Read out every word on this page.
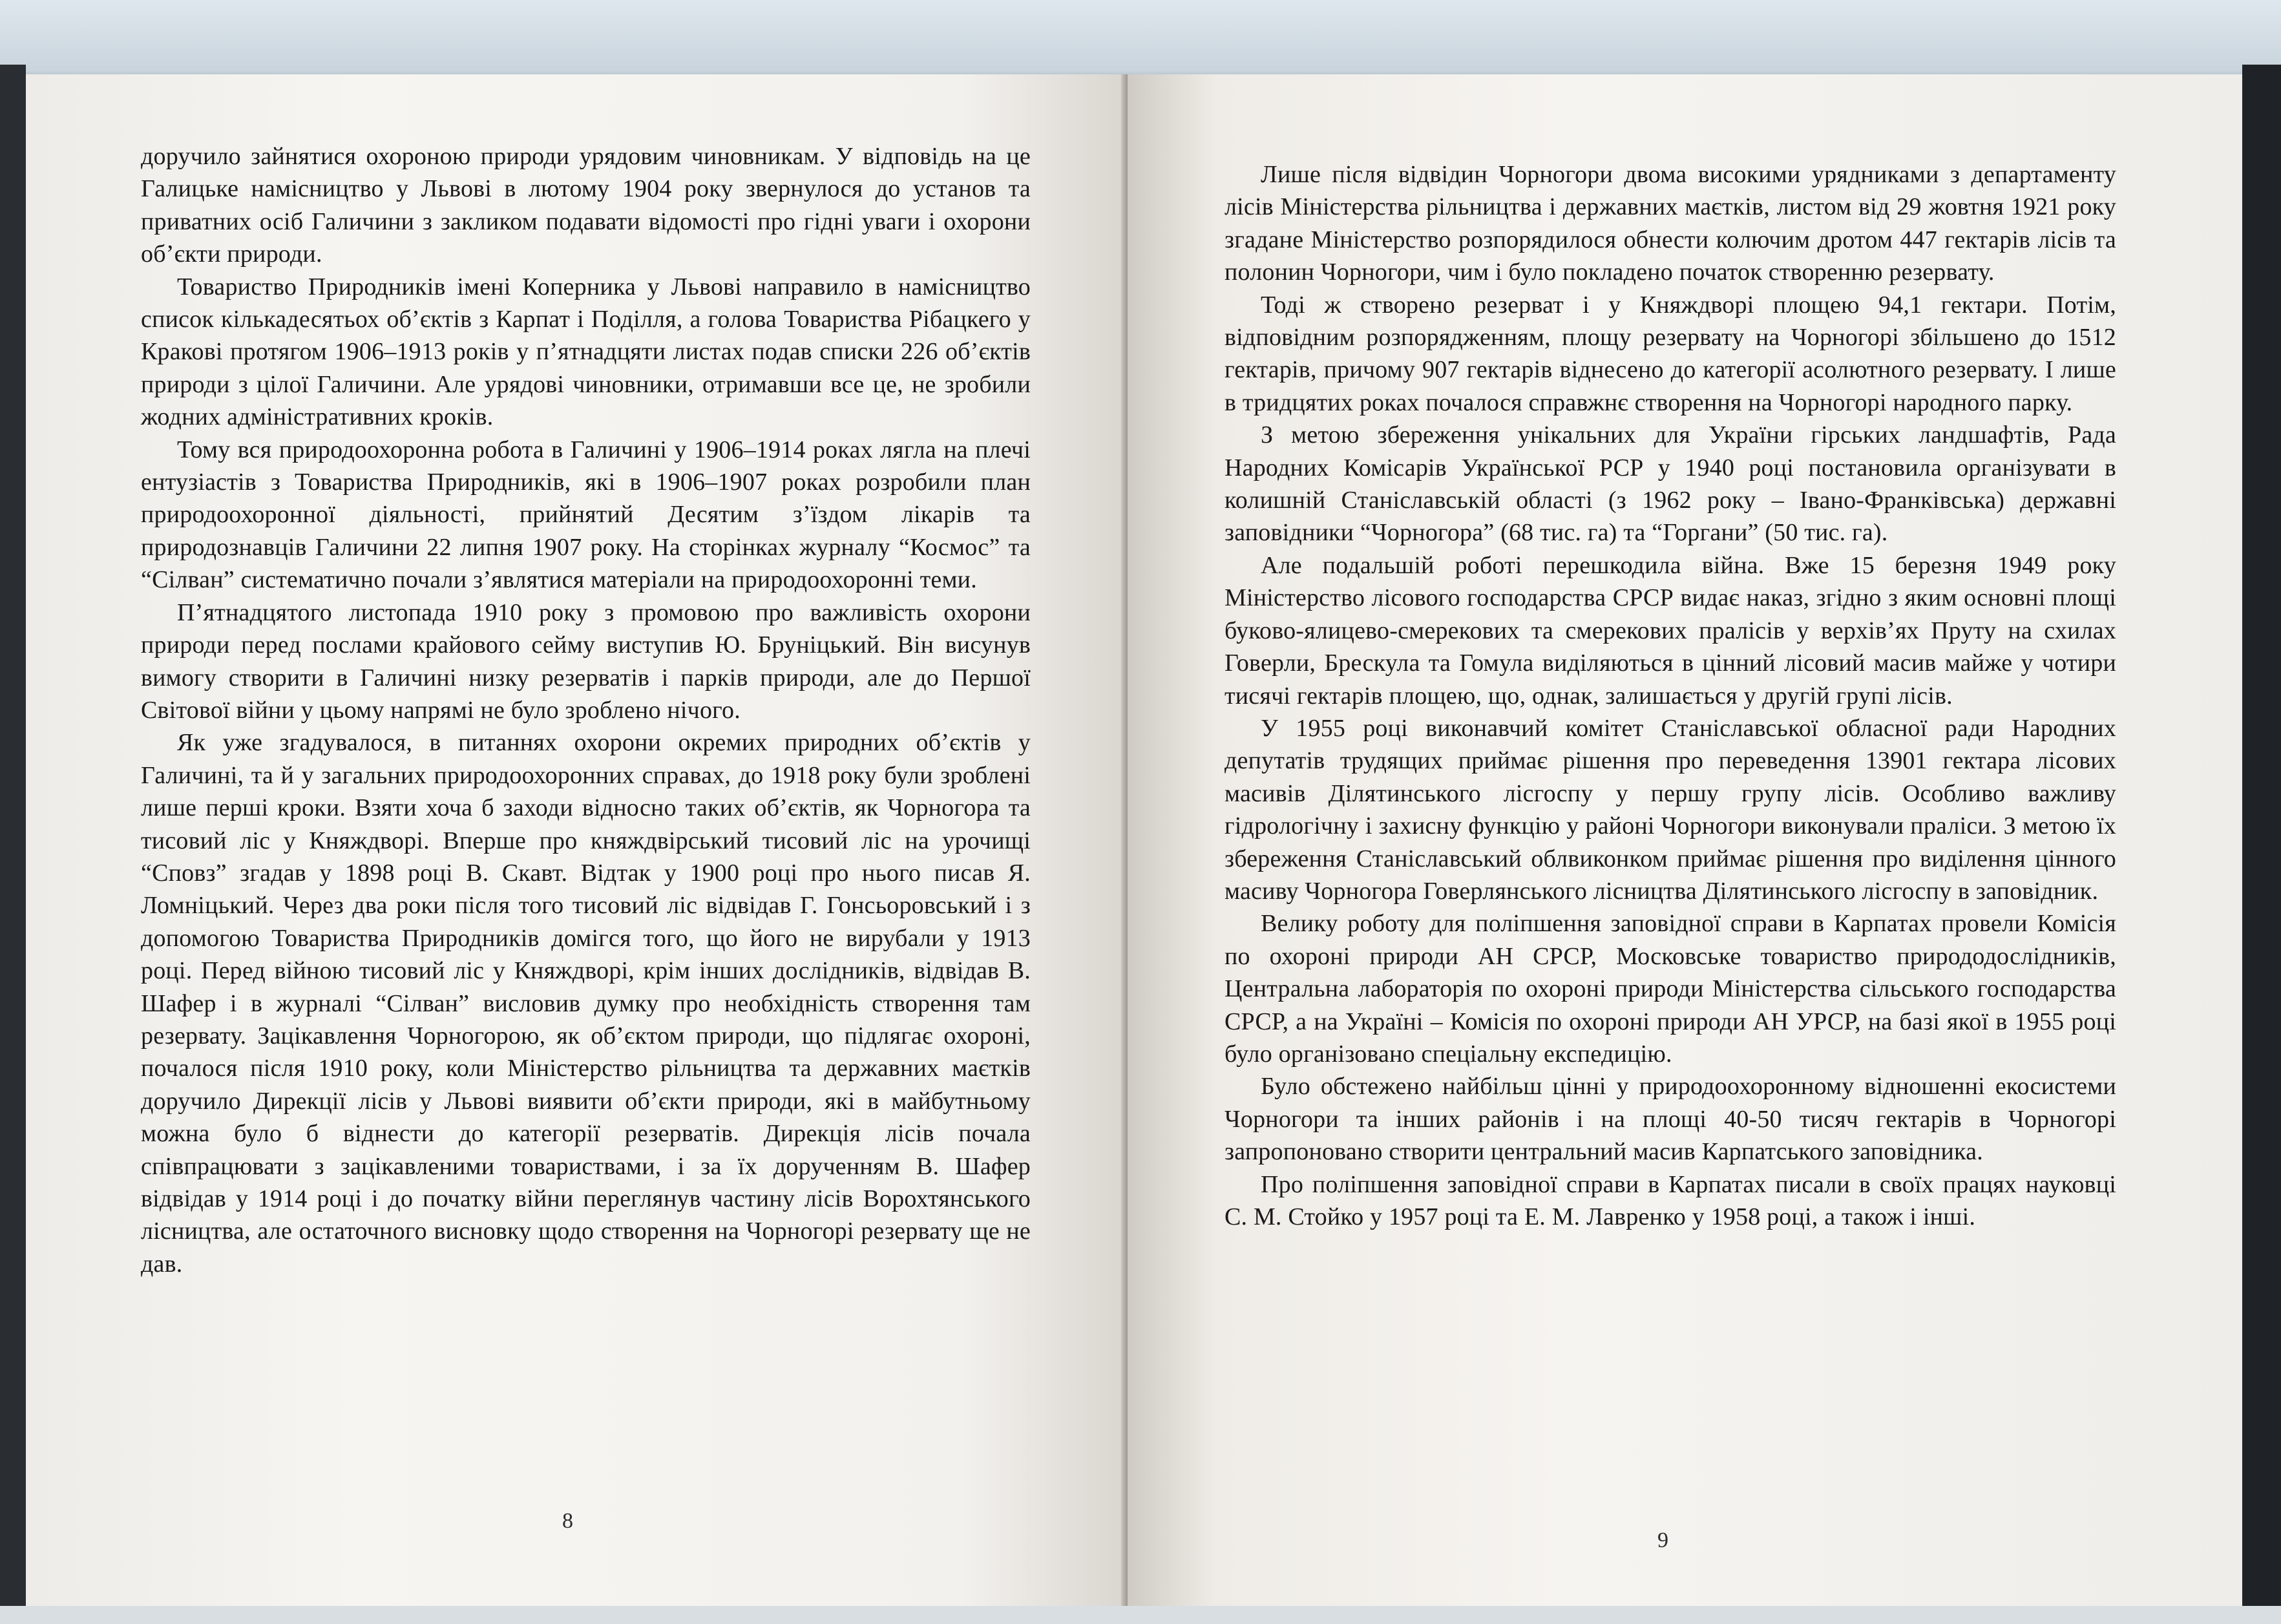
доручило зайнятися охороною природи урядовим чиновникам. У відповідь на це Галицьке намісництво у Львові в лютому 1904 року звернулося до установ та приватних осіб Галичини з закликом подавати відомості про гідні уваги і охорони об’єкти природи.

Товариство Природників імені Коперника у Львові направило в намісництво список кількадесятьох об’єктів з Карпат і Поділля, а голова Товариства Рібацкего у Кракові протягом 1906–1913 років у п’ятнадцяти листах подав списки 226 об’єктів природи з цілої Галичини. Але урядові чиновники, отримавши все це, не зробили жодних адміністративних кроків.

Тому вся природоохоронна робота в Галичині у 1906–1914 роках лягла на плечі ентузіастів з Товариства Природників, які в 1906–1907 роках розробили план природоохоронної діяльності, прийнятий Десятим з’їздом лікарів та природознавців Галичини 22 липня 1907 року. На сторінках журналу “Космос” та “Сілван” систематично почали з’являтися матеріали на природоохоронні теми.

П’ятнадцятого листопада 1910 року з промовою про важливість охорони природи перед послами крайового сейму виступив Ю. Бруніцький. Він висунув вимогу створити в Галичині низку резерватів і парків природи, але до Першої Світової війни у цьому напрямі не було зроблено нічого.

Як уже згадувалося, в питаннях охорони окремих природних об’єктів у Галичині, та й у загальних природоохоронних справах, до 1918 року були зроблені лише перші кроки. Взяти хоча б заходи відносно таких об’єктів, як Чорногора та тисовий ліс у Княждворі. Вперше про княждвірський тисовий ліс на урочищі “Сповз” згадав у 1898 році В. Скавт. Відтак у 1900 році про нього писав Я. Ломніцький. Через два роки після того тисовий ліс відвідав Г. Гонсьоровський і з допомогою Товариства Природників домігся того, що його не вирубали у 1913 році. Перед війною тисовий ліс у Княждворі, крім інших дослідників, відвідав В. Шафер і в журналі “Сілван” висловив думку про необхідність створення там резервату. Зацікавлення Чорногорою, як об’єктом природи, що підлягає охороні, почалося після 1910 року, коли Міністерство рільництва та державних маєтків доручило Дирекції лісів у Львові виявити об’єкти природи, які в майбутньому можна було б віднести до категорії резерватів. Дирекція лісів почала співпрацювати з зацікавленими товариствами, і за їх дорученням В. Шафер відвідав у 1914 році і до початку війни переглянув частину лісів Ворохтянського лісництва, але остаточного висновку щодо створення на Чорногорі резервату ще не дав.

8

Лише після відвідин Чорногори двома високими урядниками з департаменту лісів Міністерства рільництва і державних маєтків, листом від 29 жовтня 1921 року згадане Міністерство розпорядилося обнести колючим дротом 447 гектарів лісів та полонин Чорногори, чим і було покладено початок створенню резервату.

Тоді ж створено резерват і у Княждворі площею 94,1 гектари. Потім, відповідним розпорядженням, площу резервату на Чорногорі збільшено до 1512 гектарів, причому 907 гектарів віднесено до категорії асолютного резервату. І лише в тридцятих роках почалося справжнє створення на Чорногорі народного парку.

З метою збереження унікальних для України гірських ландшафтів, Рада Народних Комісарів Української РСР у 1940 році постановила організувати в колишній Станіславській області (з 1962 року – Івано-Франківська) державні заповідники “Чорногора” (68 тис. га) та “Горгани” (50 тис. га).

Але подальшій роботі перешкодила війна. Вже 15 березня 1949 року Міністерство лісового господарства СРСР видає наказ, згідно з яким основні площі буково-ялицево-смерекових та смерекових пралісів у верхів’ях Пруту на схилах Говерли, Брескула та Гомула виділяються в цінний лісовий масив майже у чотири тисячі гектарів площею, що, однак, залишається у другій групі лісів.

У 1955 році виконавчий комітет Станіславської обласної ради Народних депутатів трудящих приймає рішення про переведення 13901 гектара лісових масивів Ділятинського лісгоспу у першу групу лісів. Особливо важливу гідрологічну і захисну функцію у районі Чорногори виконували праліси. З метою їх збереження Станіславський облвиконком приймає рішення про виділення цінного масиву Чорногора Говерлянського лісництва Ділятинського лісгоспу в заповідник.

Велику роботу для поліпшення заповідної справи в Карпатах провели Комісія по охороні природи АН СРСР, Московське товариство природодослідників, Центральна лабораторія по охороні природи Міністерства сільського господарства СРСР, а на Україні – Комісія по охороні природи АН УРСР, на базі якої в 1955 році було організовано спеціальну експедицію.

Було обстежено найбільш цінні у природоохоронному відношенні екосистеми Чорногори та інших районів і на площі 40-50 тисяч гектарів в Чорногорі запропоновано створити центральний масив Карпатського заповідника.

Про поліпшення заповідної справи в Карпатах писали в своїх працях науковці С. М. Стойко у 1957 році та Е. М. Лавренко у 1958 році, а також і інші.

9
